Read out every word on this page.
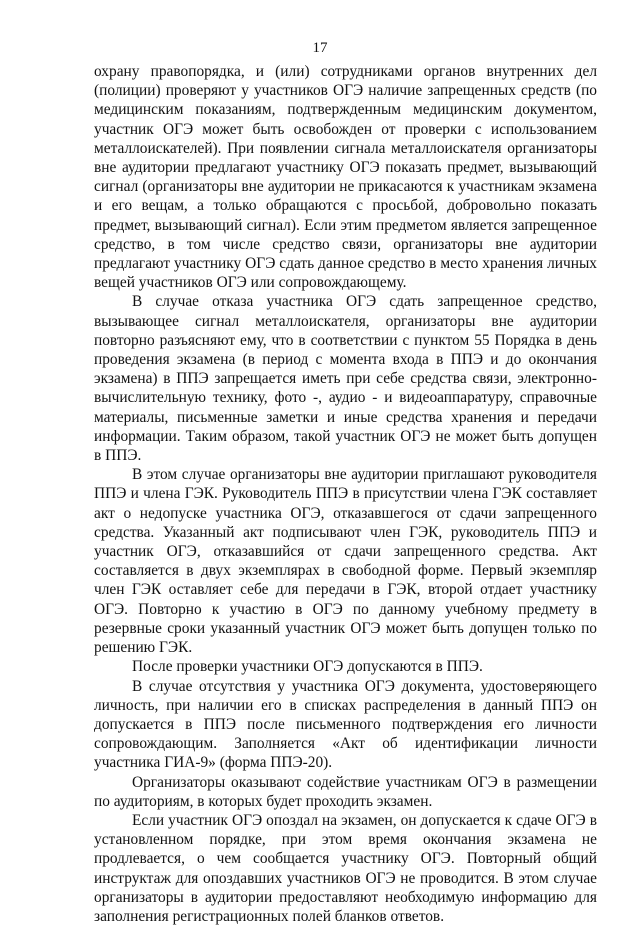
17

охрану правопорядка, и (или) сотрудниками органов внутренних дел (полиции) проверяют у участников ОГЭ наличие запрещенных средств (по медицинским показаниям, подтвержденным медицинским документом, участник ОГЭ может быть освобожден от проверки с использованием металлоискателей). При появлении сигнала металлоискателя организаторы вне аудитории предлагают участнику ОГЭ показать предмет, вызывающий сигнал (организаторы вне аудитории не прикасаются к участникам экзамена и его вещам, а только обращаются с просьбой, добровольно показать предмет, вызывающий сигнал). Если этим предметом является запрещенное средство, в том числе средство связи, организаторы вне аудитории предлагают участнику ОГЭ сдать данное средство в место хранения личных вещей участников ОГЭ или сопровождающему.

В случае отказа участника ОГЭ сдать запрещенное средство, вызывающее сигнал металлоискателя, организаторы вне аудитории повторно разъясняют ему, что в соответствии с пунктом 55 Порядка в день проведения экзамена (в период с момента входа в ППЭ и до окончания экзамена) в ППЭ запрещается иметь при себе средства связи, электронно-вычислительную технику, фото -, аудио - и видеоаппаратуру, справочные материалы, письменные заметки и иные средства хранения и передачи информации. Таким образом, такой участник ОГЭ не может быть допущен в ППЭ.

В этом случае организаторы вне аудитории приглашают руководителя ППЭ и члена ГЭК. Руководитель ППЭ в присутствии члена ГЭК составляет акт о недопуске участника ОГЭ, отказавшегося от сдачи запрещенного средства. Указанный акт подписывают член ГЭК, руководитель ППЭ и участник ОГЭ, отказавшийся от сдачи запрещенного средства. Акт составляется в двух экземплярах в свободной форме. Первый экземпляр член ГЭК оставляет себе для передачи в ГЭК, второй отдает участнику ОГЭ. Повторно к участию в ОГЭ по данному учебному предмету в резервные сроки указанный участник ОГЭ может быть допущен только по решению ГЭК.

После проверки участники ОГЭ допускаются в ППЭ.

В случае отсутствия у участника ОГЭ документа, удостоверяющего личность, при наличии его в списках распределения в данный ППЭ он допускается в ППЭ после письменного подтверждения его личности сопровождающим. Заполняется «Акт об идентификации личности участника ГИА-9» (форма ППЭ-20).

Организаторы оказывают содействие участникам ОГЭ в размещении по аудиториям, в которых будет проходить экзамен.

Если участник ОГЭ опоздал на экзамен, он допускается к сдаче ОГЭ в установленном порядке, при этом время окончания экзамена не продлевается, о чем сообщается участнику ОГЭ. Повторный общий инструктаж для опоздавших участников ОГЭ не проводится. В этом случае организаторы в аудитории предоставляют необходимую информацию для заполнения регистрационных полей бланков ответов.
